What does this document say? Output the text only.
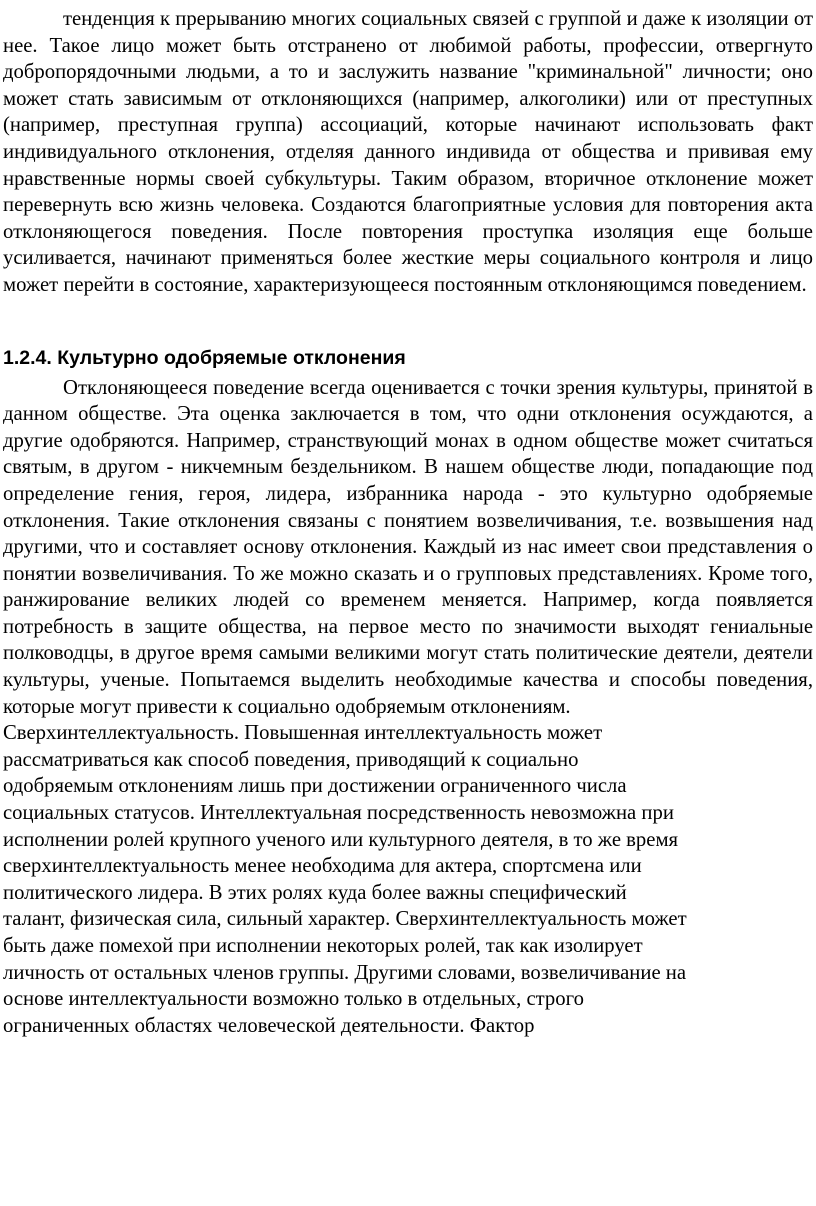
тенденция к прерыванию многих социальных связей с группой и даже к изоляции от нее. Такое лицо может быть отстранено от любимой работы, профессии, отвергнуто добропорядочными людьми, а то и заслужить название "криминальной" личности; оно может стать зависимым от отклоняющихся (например, алкоголики) или от преступных (например, преступная группа) ассоциаций, которые начинают использовать факт индивидуального отклонения, отделяя данного индивида от общества и прививая ему нравственные нормы своей субкультуры. Таким образом, вторичное отклонение может перевернуть всю жизнь человека. Создаются благоприятные условия для повторения акта отклоняющегося поведения. После повторения проступка изоляция еще больше усиливается, начинают применяться более жесткие меры социального контроля и лицо может перейти в состояние, характеризующееся постоянным отклоняющимся поведением.

1.2.4. Культурно одобряемые отклонения

Отклоняющееся поведение всегда оценивается с точки зрения культуры, принятой в данном обществе. Эта оценка заключается в том, что одни отклонения осуждаются, а другие одобряются. Например, странствующий монах в одном обществе может считаться святым, в другом - никчемным бездельником. В нашем обществе люди, попадающие под определение гения, героя, лидера, избранника народа - это культурно одобряемые отклонения. Такие отклонения связаны с понятием возвеличивания, т.е. возвышения над другими, что и составляет основу отклонения. Каждый из нас имеет свои представления о понятии возвеличивания. То же можно сказать и о групповых представлениях. Кроме того, ранжирование великих людей со временем меняется. Например, когда появляется потребность в защите общества, на первое место по значимости выходят гениальные полководцы, в другое время самыми великими могут стать политические деятели, деятели культуры, ученые. Попытаемся выделить необходимые качества и способы поведения, которые могут привести к социально одобряемым отклонениям.

Сверхинтеллектуальность. Повышенная интеллектуальность может
рассматриваться как способ поведения, приводящий к социально
одобряемым отклонениям лишь при достижении ограниченного числа
социальных статусов. Интеллектуальная посредственность невозможна при
исполнении ролей крупного ученого или культурного деятеля, в то же время
сверхинтеллектуальность менее необходима для актера, спортсмена или
политического лидера. В этих ролях куда более важны специфический
талант, физическая сила, сильный характер. Сверхинтеллектуальность может
быть даже помехой при исполнении некоторых ролей, так как изолирует
личность от остальных членов группы. Другими словами, возвеличивание на
основе интеллектуальности возможно только в отдельных, строго
ограниченных областях человеческой деятельности. Фактор
